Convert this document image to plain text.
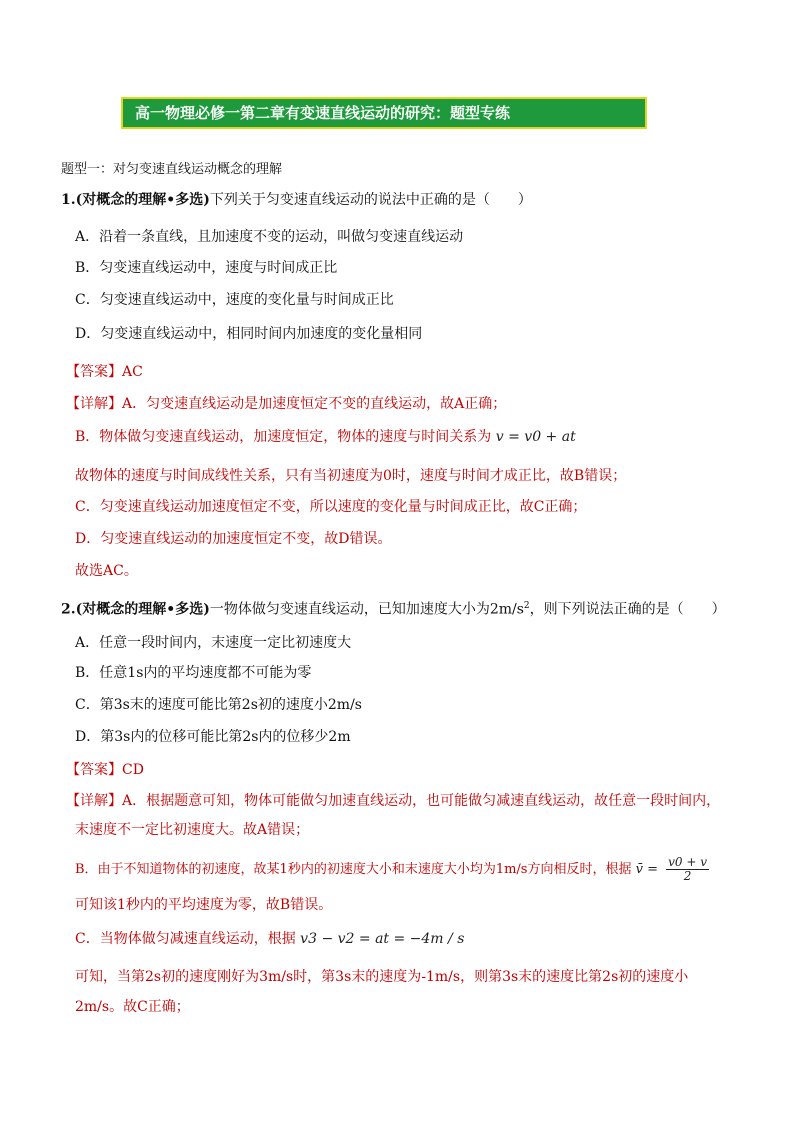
高一物理必修一第二章有变速直线运动的研究：题型专练
题型一：对匀变速直线运动概念的理解
1.(对概念的理解•多选)下列关于匀变速直线运动的说法中正确的是（　　）
A．沿着一条直线，且加速度不变的运动，叫做匀变速直线运动
B．匀变速直线运动中，速度与时间成正比
C．匀变速直线运动中，速度的变化量与时间成正比
D．匀变速直线运动中，相同时间内加速度的变化量相同
【答案】AC
【详解】A．匀变速直线运动是加速度恒定不变的直线运动，故A正确；
B．物体做匀变速直线运动，加速度恒定，物体的速度与时间关系为 v = v0 + at
故物体的速度与时间成线性关系，只有当初速度为0时，速度与时间才成正比，故B错误；
C．匀变速直线运动加速度恒定不变，所以速度的变化量与时间成正比，故C正确；
D．匀变速直线运动的加速度恒定不变，故D错误。
故选AC。
2.(对概念的理解•多选)一物体做匀变速直线运动，已知加速度大小为$2m/s^2$，则下列说法正确的是（　　）
A．任意一段时间内，末速度一定比初速度大
B．任意1s内的平均速度都不可能为零
C．第3s末的速度可能比第2s初的速度小2m/s
D．第3s内的位移可能比第2s内的位移少2m
【答案】CD
【详解】A．根据题意可知，物体可能做匀加速直线运动，也可能做匀减速直线运动，故任意一段时间内，
末速度不一定比初速度大。故A错误；
B．由于不知道物体的初速度，故某1秒内的初速度大小和末速度大小均为1m/s方向相反时，根据 v̄ = $\frac{v0 + v}{2}$
可知该1秒内的平均速度为零，故B错误。
C．当物体做匀减速直线运动，根据 v3 − v2 = at = −4m / s
可知，当第2s初的速度刚好为3m/s时，第3s末的速度为-1m/s，则第3s末的速度比第2s初的速度小
2m/s。故C正确；
